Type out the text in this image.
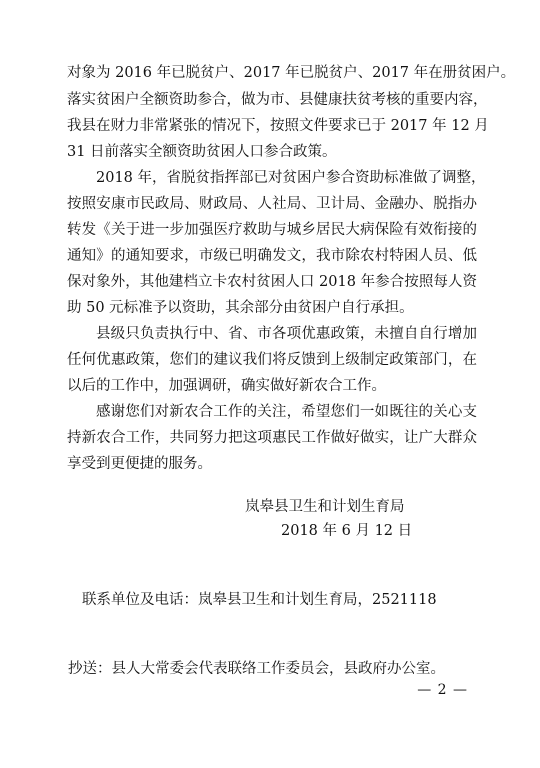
对象为 2016 年已脱贫户、2017 年已脱贫户、2017 年在册贫困户。
落实贫困户全额资助参合，做为市、县健康扶贫考核的重要内容，
我县在财力非常紧张的情况下，按照文件要求已于 2017 年 12 月
31 日前落实全额资助贫困人口参合政策。
2018 年，省脱贫指挥部已对贫困户参合资助标准做了调整，
按照安康市民政局、财政局、人社局、卫计局、金融办、脱指办
转发《关于进一步加强医疗救助与城乡居民大病保险有效衔接的
通知》的通知要求，市级已明确发文，我市除农村特困人员、低
保对象外，其他建档立卡农村贫困人口 2018 年参合按照每人资
助 50 元标准予以资助，其余部分由贫困户自行承担。
县级只负责执行中、省、市各项优惠政策，未擅自自行增加
任何优惠政策，您们的建议我们将反馈到上级制定政策部门，在
以后的工作中，加强调研，确实做好新农合工作。
感谢您们对新农合工作的关注，希望您们一如既往的关心支
持新农合工作，共同努力把这项惠民工作做好做实，让广大群众
享受到更便捷的服务。
岚皋县卫生和计划生育局
2018 年 6 月 12 日
联系单位及电话：岚皋县卫生和计划生育局，2521118
抄送：县人大常委会代表联络工作委员会，县政府办公室。
— 2 —
